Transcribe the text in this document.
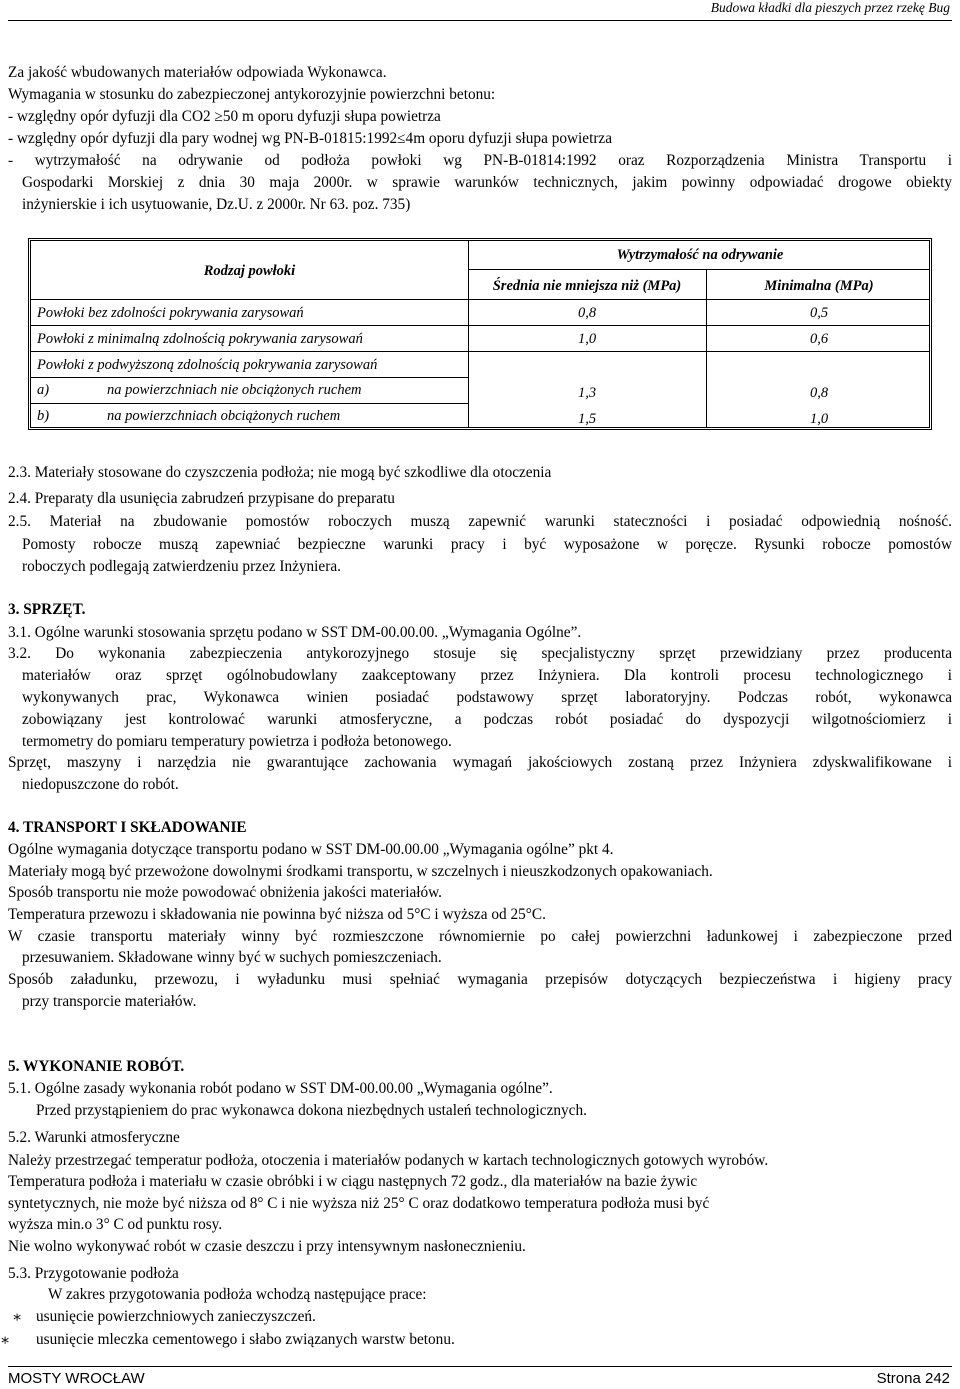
Budowa kładki dla pieszych przez rzekę Bug
Za jakość wbudowanych materiałów odpowiada Wykonawca.
Wymagania w stosunku do zabezpieczonej antykorozyjnie powierzchni betonu:
- względny opór dyfuzji dla CO2 ≥50 m oporu dyfuzji słupa powietrza
- względny opór dyfuzji dla pary wodnej wg PN-B-01815:1992≤4m oporu dyfuzji słupa powietrza
- wytrzymałość na odrywanie od podłoża powłoki wg PN-B-01814:1992 oraz Rozporządzenia Ministra Transportu i
Gospodarki Morskiej z dnia 30 maja 2000r. w sprawie warunków technicznych, jakim powinny odpowiadać drogowe obiekty
inżynierskie i ich usytuowanie, Dz.U. z 2000r. Nr 63. poz. 735)
Rodzaj powłoki
Wytrzymałość na odrywanie
Średnia nie mniejsza niż (MPa)	Minimalna (MPa)
Powłoki bez zdolności pokrywania zarysowań	0,8	0,5
Powłoki z minimalną zdolnością pokrywania zarysowań	1,0	0,6
Powłoki z podwyższoną zdolnością pokrywania zarysowań
a)	na powierzchniach nie obciążonych ruchem	1,3	0,8
b)	na powierzchniach obciążonych ruchem	1,5	1,0
2.3. Materiały stosowane do czyszczenia podłoża; nie mogą być szkodliwe dla otoczenia
2.4. Preparaty dla usunięcia zabrudzeń przypisane do preparatu
2.5. Materiał na zbudowanie pomostów roboczych muszą zapewnić warunki stateczności i posiadać odpowiednią nośność.
Pomosty robocze muszą zapewniać bezpieczne warunki pracy i być wyposażone w poręcze. Rysunki robocze pomostów
roboczych podlegają zatwierdzeniu przez Inżyniera.
3. SPRZĘT.
3.1. Ogólne warunki stosowania sprzętu podano w SST DM-00.00.00. „Wymagania Ogólne”.
3.2. Do wykonania zabezpieczenia antykorozyjnego stosuje się specjalistyczny sprzęt przewidziany przez producenta
materiałów oraz sprzęt ogólnobudowlany zaakceptowany przez Inżyniera. Dla kontroli procesu technologicznego i
wykonywanych prac, Wykonawca winien posiadać podstawowy sprzęt laboratoryjny. Podczas robót, wykonawca
zobowiązany jest kontrolować warunki atmosferyczne, a podczas robót posiadać do dyspozycji wilgotnościomierz i
termometry do pomiaru temperatury powietrza i podłoża betonowego.
Sprzęt, maszyny i narzędzia nie gwarantujące zachowania wymagań jakościowych zostaną przez Inżyniera zdyskwalifikowane i
niedopuszczone do robót.
4. TRANSPORT I SKŁADOWANIE
Ogólne wymagania dotyczące transportu podano w SST DM-00.00.00 „Wymagania ogólne” pkt 4.
Materiały mogą być przewożone dowolnymi środkami transportu, w szczelnych i nieuszkodzonych opakowaniach.
Sposób transportu nie może powodować obniżenia jakości materiałów.
Temperatura przewozu i składowania nie powinna być niższa od 5°C i wyższa od 25°C.
W czasie transportu materiały winny być rozmieszczone równomiernie po całej powierzchni ładunkowej i zabezpieczone przed
przesuwaniem. Składowane winny być w suchych pomieszczeniach.
Sposób załadunku, przewozu, i wyładunku musi spełniać wymagania przepisów dotyczących bezpieczeństwa i higieny pracy
przy transporcie materiałów.
5. WYKONANIE ROBÓT.
5.1. Ogólne zasady wykonania robót podano w SST DM-00.00.00 „Wymagania ogólne”.
Przed przystąpieniem do prac wykonawca dokona niezbędnych ustaleń technologicznych.
5.2. Warunki atmosferyczne
Należy przestrzegać temperatur podłoża, otoczenia i materiałów podanych w kartach technologicznych gotowych wyrobów.
Temperatura podłoża i materiału w czasie obróbki i w ciągu następnych 72 godz., dla materiałów na bazie żywic
syntetycznych, nie może być niższa od 8° C i nie wyższa niż 25° C oraz dodatkowo temperatura podłoża musi być
wyższa min.o 3° C od punktu rosy.
Nie wolno wykonywać robót w czasie deszczu i przy intensywnym nasłonecznieniu.
5.3. Przygotowanie podłoża
W zakres przygotowania podłoża wchodzą następujące prace:
∗ usunięcie powierzchniowych zanieczyszczeń.
∗ usunięcie mleczka cementowego i słabo związanych warstw betonu.
MOSTY WROCŁAW	Strona 242
